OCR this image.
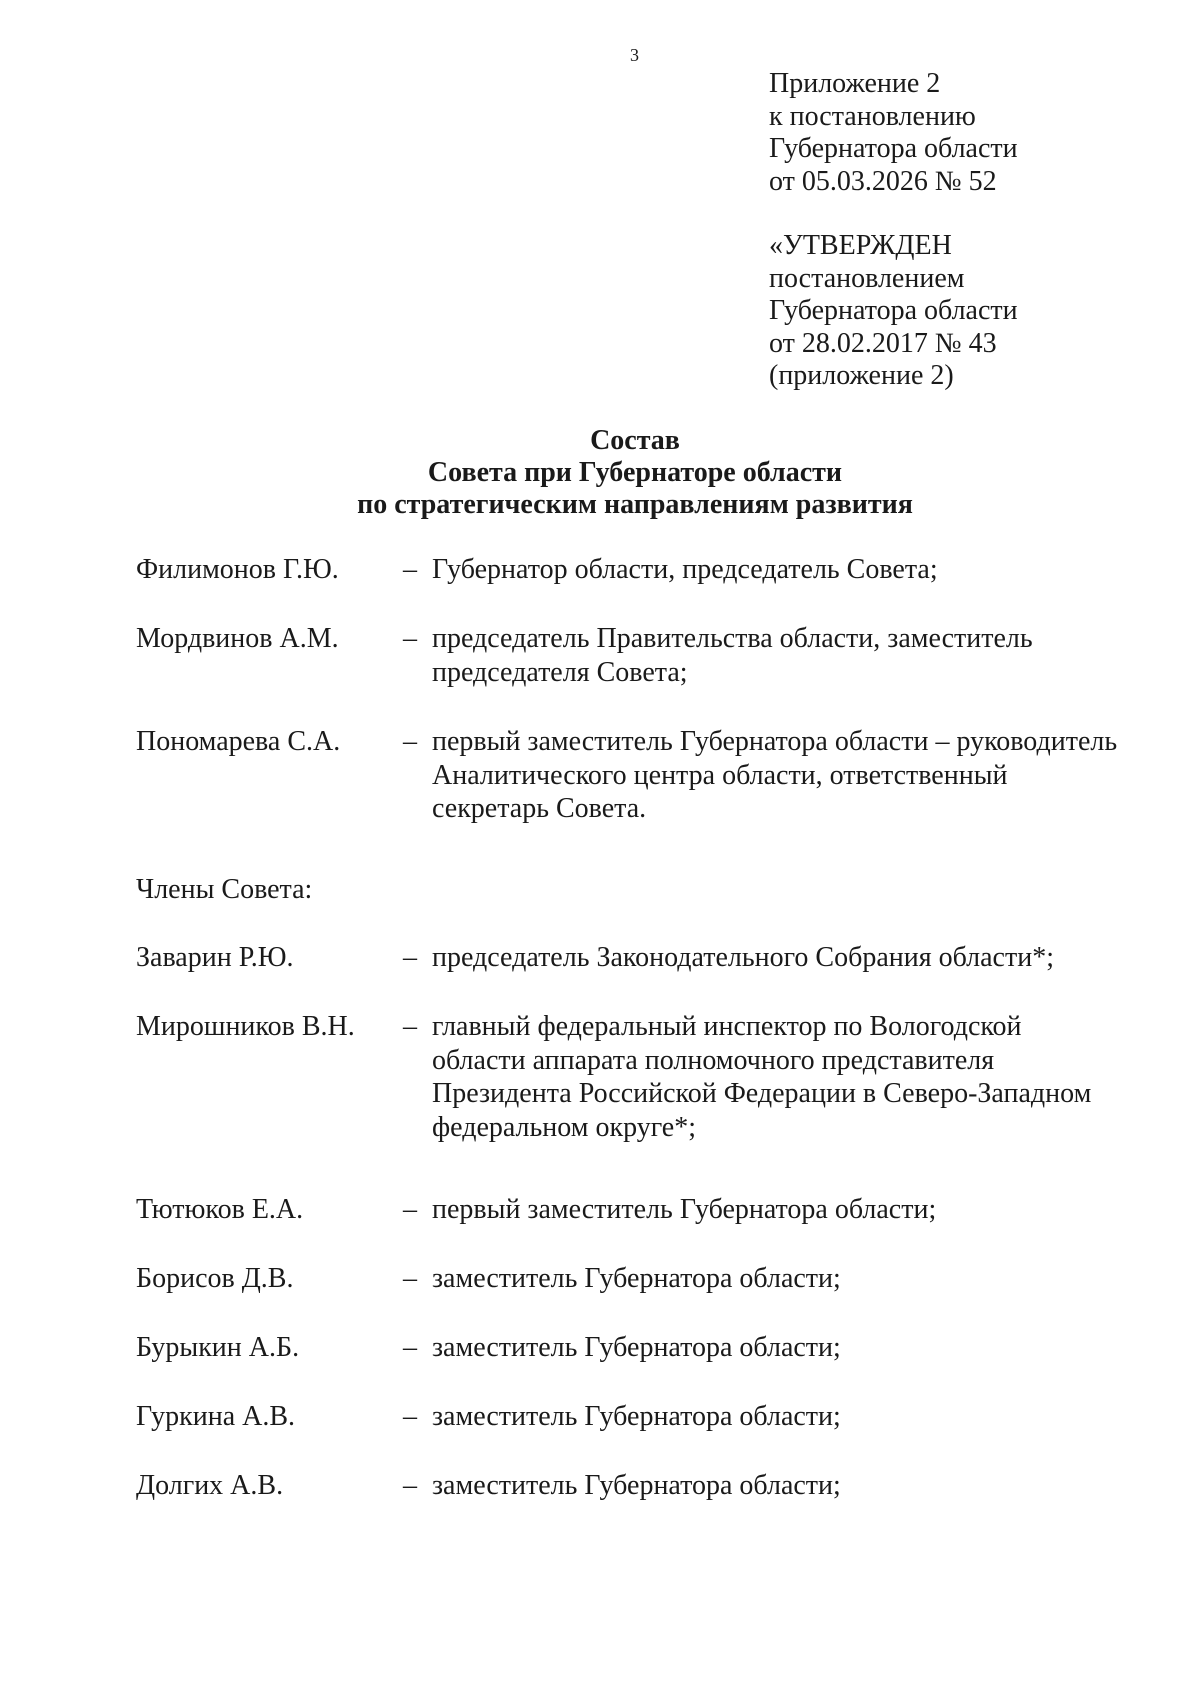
3
Приложение 2
к постановлению
Губернатора области
от 05.03.2026 № 52
«УТВЕРЖДЕН
постановлением
Губернатора области
от 28.02.2017 № 43
(приложение 2)
Состав
Совета при Губернаторе области
по стратегическим направлениям развития
Филимонов Г.Ю. – Губернатор области, председатель Совета;
Мордвинов А.М. – председатель Правительства области, заместитель
председателя Совета;
Пономарева С.А. – первый заместитель Губернатора области – руководитель
Аналитического центра области, ответственный
секретарь Совета.
Члены Совета:
Заварин Р.Ю.	– председатель Законодательного Собрания области*;
Мирошников В.Н. – главный федеральный инспектор по Вологодской
области аппарата полномочного представителя
Президента Российской Федерации в Северо-Западном
федеральном округе*;
Тютюков Е.А.	– первый заместитель Губернатора области;
Борисов Д.В.	– заместитель Губернатора области;
Бурыкин А.Б.	– заместитель Губернатора области;
Гуркина А.В.	– заместитель Губернатора области;
Долгих А.В.	– заместитель Губернатора области;
